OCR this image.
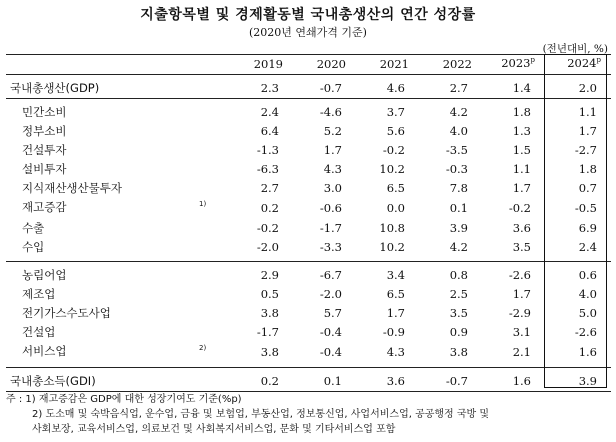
지출항목별 및 경제활동별 국내총생산의 연간 성장률
(2020년 연쇄가격 기준)
(전년대비, %)
	2019	2020	2021	2022	2023$^p$	2024$^p$

국내총생산(GDP)	2.3	-0.7	4.6	2.7	1.4	2.0

민간소비	2.4	-4.6	3.7	4.2	1.8	1.1
정부소비	6.4	5.2	5.6	4.0	1.3	1.7
건설투자	-1.3	1.7	-0.2	-3.5	1.5	-2.7
설비투자	-6.3	4.3	10.2	-0.3	1.1	1.8
지식재산생산물투자	2.7	3.0	6.5	7.8	1.7	0.7
재고증감 $^{1)}$	0.2	-0.6	0.0	0.1	-0.2	-0.5
수출	-0.2	-1.7	10.8	3.9	3.6	6.9
수입	-2.0	-3.3	10.2	4.2	3.5	2.4

농림어업	2.9	-6.7	3.4	0.8	-2.6	0.6
제조업	0.5	-2.0	6.5	2.5	1.7	4.0
전기가스수도사업	3.8	5.7	1.7	3.5	-2.9	5.0
건설업	-1.7	-0.4	-0.9	0.9	3.1	-2.6
서비스업 $^{2)}$	3.8	-0.4	4.3	3.8	2.1	1.6

국내총소득(GDI)	0.2	0.1	3.6	-0.7	1.6	3.9
주 : 1) 재고증감은 GDP에 대한 성장기여도 기준(%p)
2) 도소매 및 숙박음식업, 운수업, 금융 및 보험업, 부동산업, 정보통신업, 사업서비스업, 공공행정 국방 및
사회보장, 교육서비스업, 의료보건 및 사회복지서비스업, 문화 및 기타서비스업 포함
